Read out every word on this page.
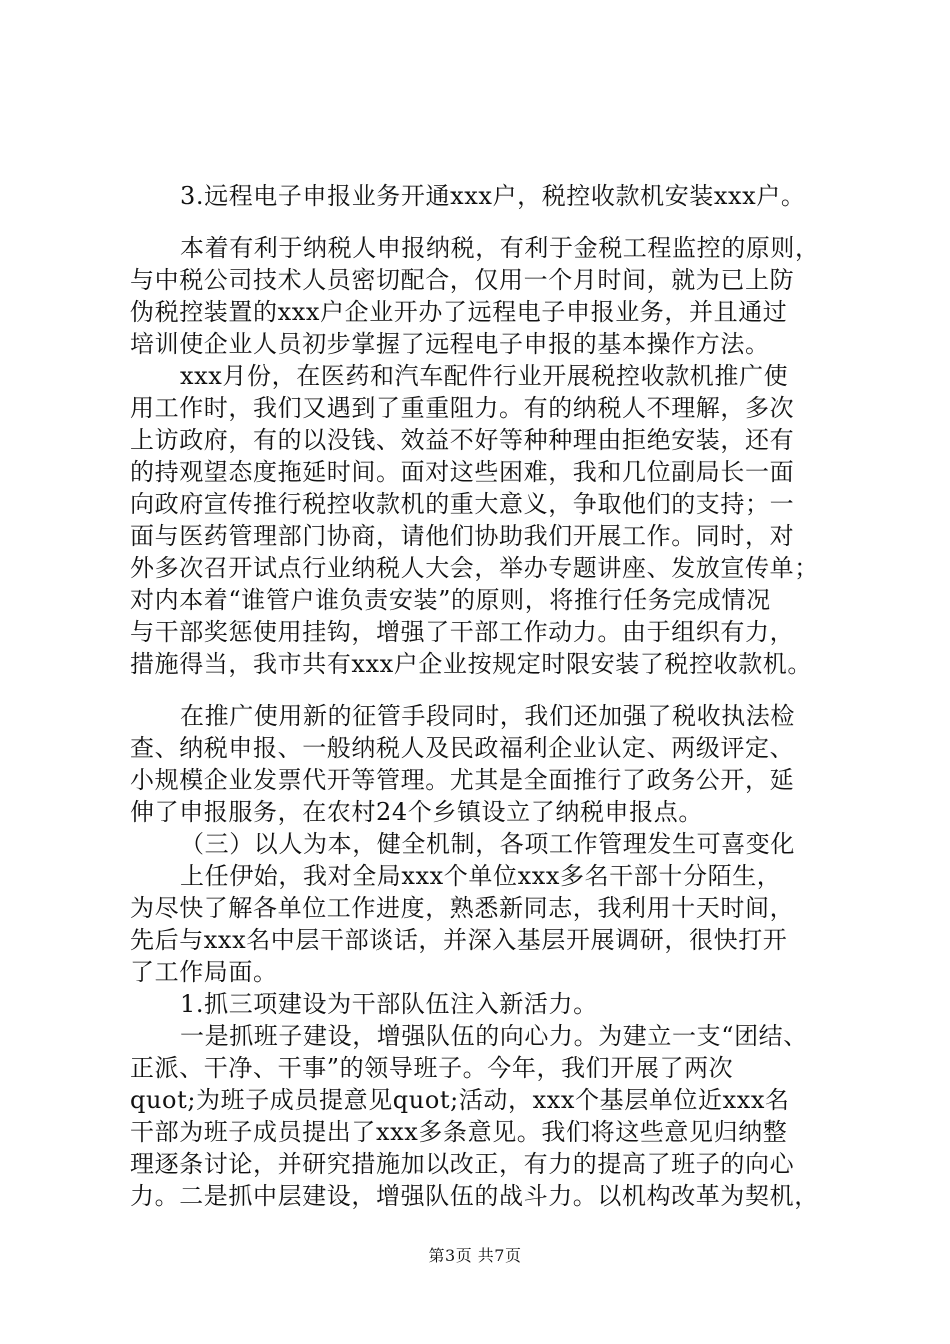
3.远程电子申报业务开通xxx户，税控收款机安装xxx户。
本着有利于纳税人申报纳税，有利于金税工程监控的原则，
与中税公司技术人员密切配合，仅用一个月时间，就为已上防
伪税控装置的xxx户企业开办了远程电子申报业务，并且通过
培训使企业人员初步掌握了远程电子申报的基本操作方法。
xxx月份，在医药和汽车配件行业开展税控收款机推广使
用工作时，我们又遇到了重重阻力。有的纳税人不理解，多次
上访政府，有的以没钱、效益不好等种种理由拒绝安装，还有
的持观望态度拖延时间。面对这些困难，我和几位副局长一面
向政府宣传推行税控收款机的重大意义，争取他们的支持；一
面与医药管理部门协商，请他们协助我们开展工作。同时，对
外多次召开试点行业纳税人大会，举办专题讲座、发放宣传单；
对内本着“谁管户谁负责安装”的原则，将推行任务完成情况
与干部奖惩使用挂钩，增强了干部工作动力。由于组织有力，
措施得当，我市共有xxx户企业按规定时限安装了税控收款机。
在推广使用新的征管手段同时，我们还加强了税收执法检
查、纳税申报、一般纳税人及民政福利企业认定、两级评定、
小规模企业发票代开等管理。尤其是全面推行了政务公开，延
伸了申报服务，在农村24个乡镇设立了纳税申报点。
（三）以人为本，健全机制，各项工作管理发生可喜变化
上任伊始，我对全局xxx个单位xxx多名干部十分陌生，
为尽快了解各单位工作进度，熟悉新同志，我利用十天时间，
先后与xxx名中层干部谈话，并深入基层开展调研，很快打开
了工作局面。
1.抓三项建设为干部队伍注入新活力。
一是抓班子建设，增强队伍的向心力。为建立一支“团结、
正派、干净、干事”的领导班子。今年，我们开展了两次
quot;为班子成员提意见quot;活动，xxx个基层单位近xxx名
干部为班子成员提出了xxx多条意见。我们将这些意见归纳整
理逐条讨论，并研究措施加以改正，有力的提高了班子的向心
力。二是抓中层建设，增强队伍的战斗力。以机构改革为契机，
第3页 共7页
